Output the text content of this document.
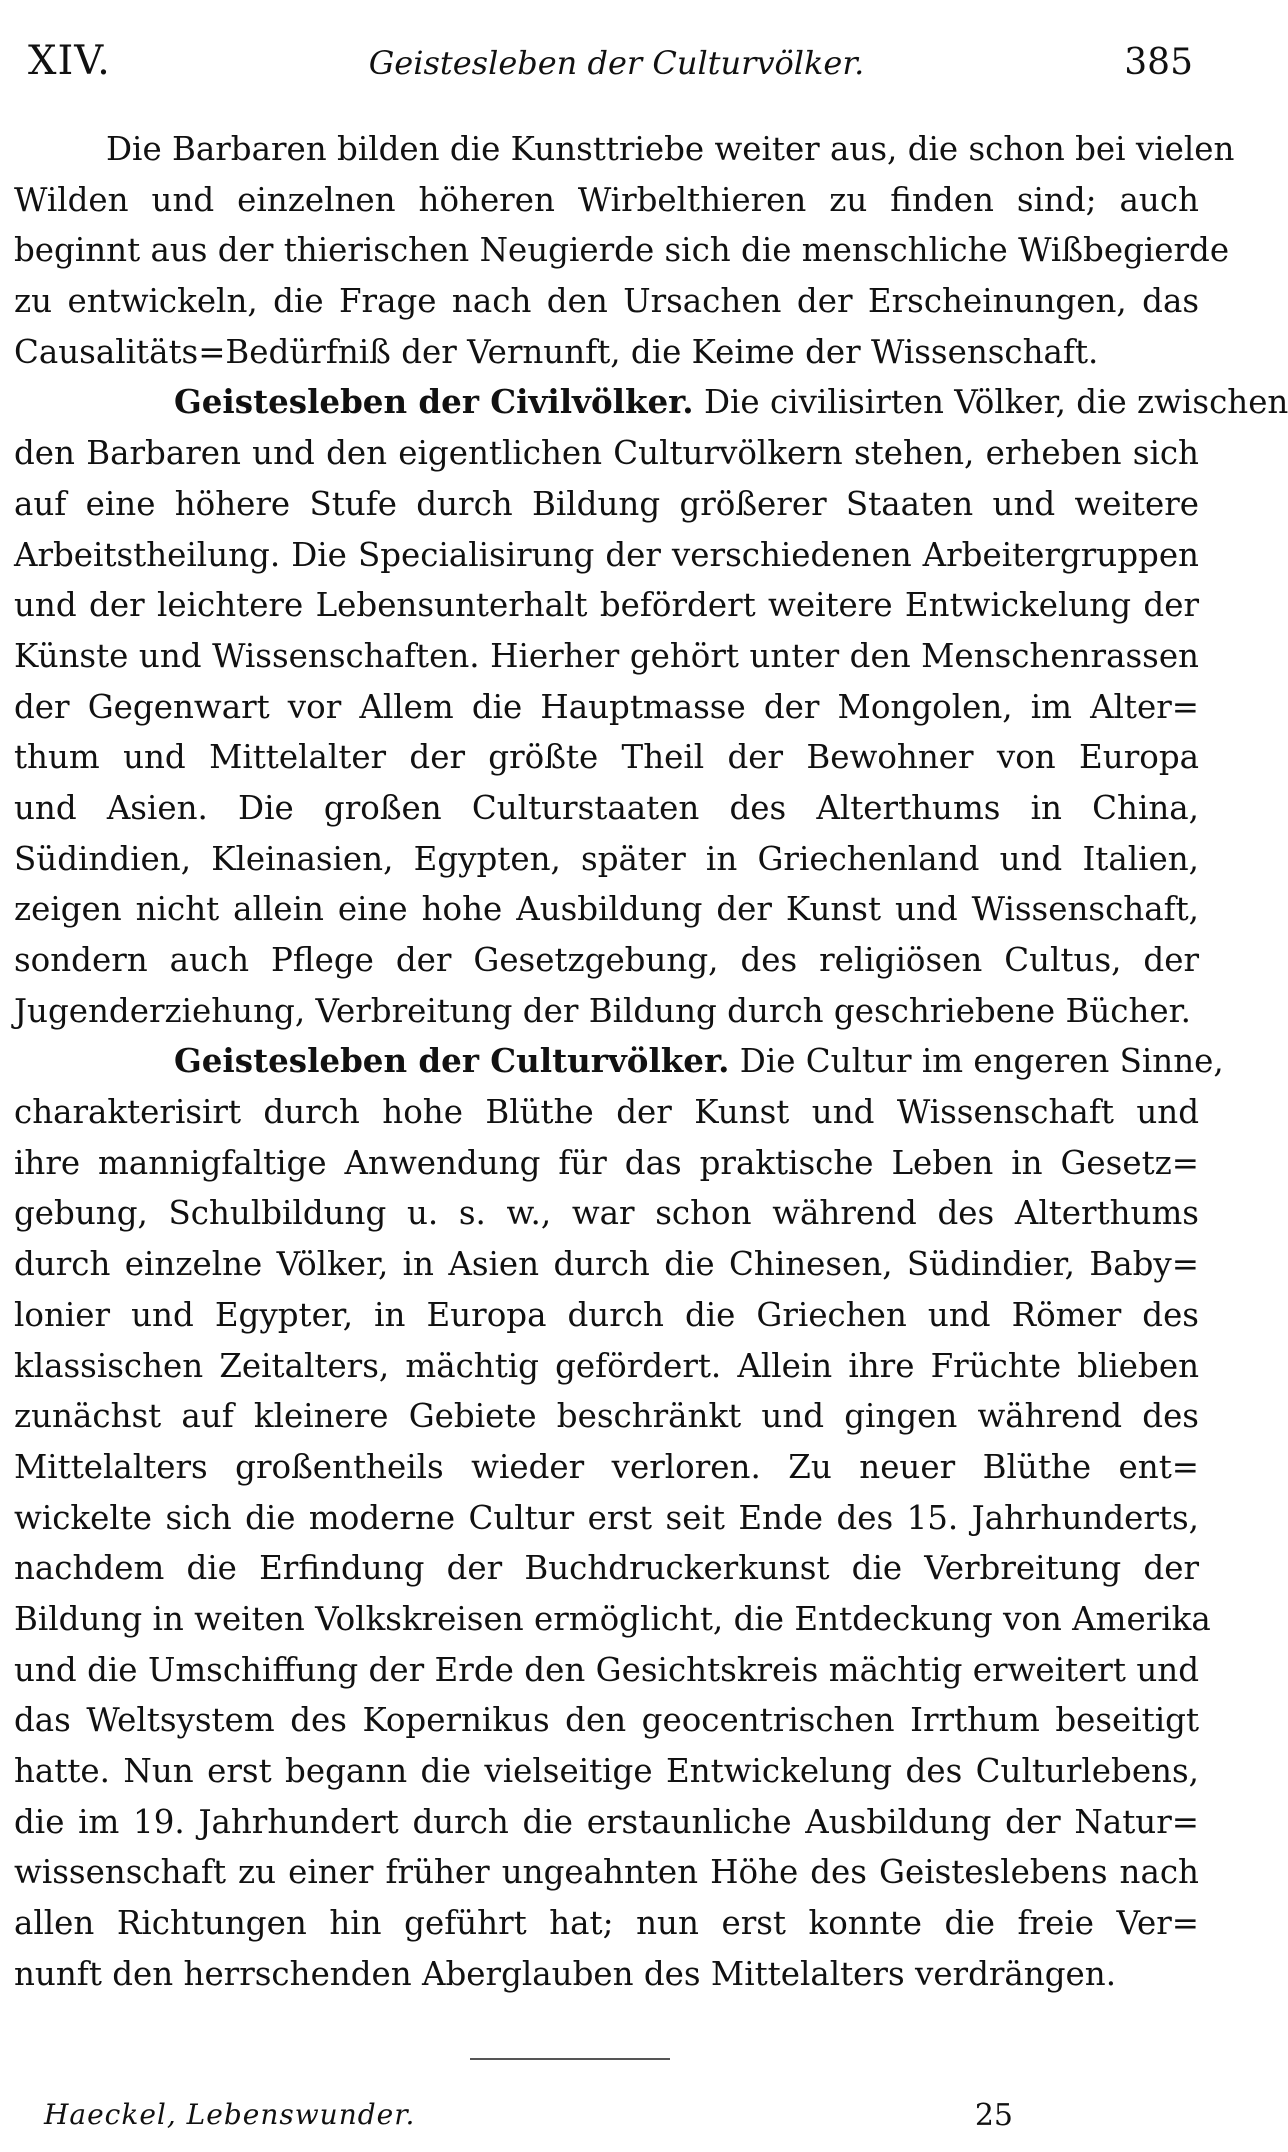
XIV.	Geistesleben der Culturvölker.	385
Die Barbaren bilden die Kunsttriebe weiter aus, die schon bei vielen
Wilden und einzelnen höheren Wirbelthieren zu finden sind; auch
beginnt aus der thierischen Neugierde sich die menschliche Wißbegierde
zu entwickeln, die Frage nach den Ursachen der Erscheinungen, das
Causalitäts=Bedürfniß der Vernunft, die Keime der Wissenschaft.
Geistesleben der Civilvölker. Die civilisirten Völker, die zwischen
den Barbaren und den eigentlichen Culturvölkern stehen, erheben sich
auf eine höhere Stufe durch Bildung größerer Staaten und weitere
Arbeitstheilung. Die Specialisirung der verschiedenen Arbeitergruppen
und der leichtere Lebensunterhalt befördert weitere Entwickelung der
Künste und Wissenschaften. Hierher gehört unter den Menschenrassen
der Gegenwart vor Allem die Hauptmasse der Mongolen, im Alter=
thum und Mittelalter der größte Theil der Bewohner von Europa
und Asien. Die großen Culturstaaten des Alterthums in China,
Südindien, Kleinasien, Egypten, später in Griechenland und Italien,
zeigen nicht allein eine hohe Ausbildung der Kunst und Wissenschaft,
sondern auch Pflege der Gesetzgebung, des religiösen Cultus, der
Jugenderziehung, Verbreitung der Bildung durch geschriebene Bücher.
Geistesleben der Culturvölker. Die Cultur im engeren Sinne,
charakterisirt durch hohe Blüthe der Kunst und Wissenschaft und
ihre mannigfaltige Anwendung für das praktische Leben in Gesetz=
gebung, Schulbildung u. s. w., war schon während des Alterthums
durch einzelne Völker, in Asien durch die Chinesen, Südindier, Baby=
lonier und Egypter, in Europa durch die Griechen und Römer des
klassischen Zeitalters, mächtig gefördert. Allein ihre Früchte blieben
zunächst auf kleinere Gebiete beschränkt und gingen während des
Mittelalters großentheils wieder verloren. Zu neuer Blüthe ent=
wickelte sich die moderne Cultur erst seit Ende des 15. Jahrhunderts,
nachdem die Erfindung der Buchdruckerkunst die Verbreitung der
Bildung in weiten Volkskreisen ermöglicht, die Entdeckung von Amerika
und die Umschiffung der Erde den Gesichtskreis mächtig erweitert und
das Weltsystem des Kopernikus den geocentrischen Irrthum beseitigt
hatte. Nun erst begann die vielseitige Entwickelung des Culturlebens,
die im 19. Jahrhundert durch die erstaunliche Ausbildung der Natur=
wissenschaft zu einer früher ungeahnten Höhe des Geisteslebens nach
allen Richtungen hin geführt hat; nun erst konnte die freie Ver=
nunft den herrschenden Aberglauben des Mittelalters verdrängen.
Haeckel, Lebenswunder.	25
